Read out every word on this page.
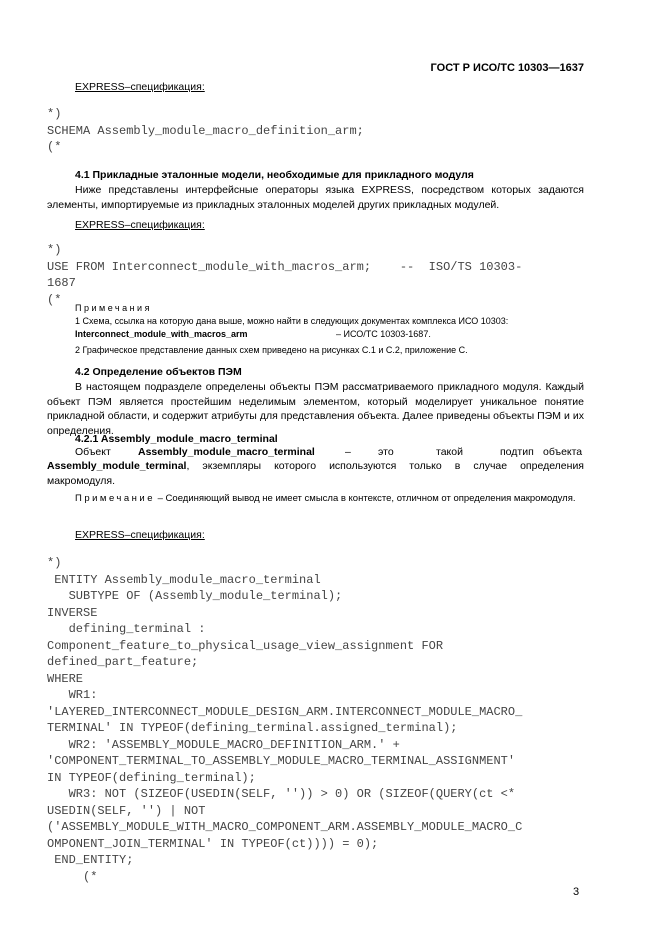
ГОСТ Р ИСО/ТС 10303—1637
EXPRESS–спецификация:
*)
SCHEMA Assembly_module_macro_definition_arm;
(*
4.1 Прикладные эталонные модели, необходимые для прикладного модуля
Ниже представлены интерфейсные операторы языка EXPRESS, посредством которых задаются элементы, импортируемые из прикладных эталонных моделей других прикладных модулей.
EXPRESS–спецификация:
*)
USE FROM Interconnect_module_with_macros_arm;    --  ISO/TS 10303-
1687
(*
Примечания
1 Схема, ссылка на которую дана выше, можно найти в следующих документах комплекса ИСО 10303:
Interconnect_module_with_macros_arm	– ИСО/ТС 10303-1687.
2 Графическое представление данных схем приведено на рисунках С.1 и С.2, приложение С.
4.2 Определение объектов ПЭМ
В настоящем подразделе определены объекты ПЭМ рассматриваемого прикладного модуля. Каждый объект ПЭМ является простейшим неделимым элементом, который моделирует уникальное понятие прикладной области, и содержит атрибуты для представления объекта. Далее приведены объекты ПЭМ и их определения.
4.2.1 Assembly_module_macro_terminal
Объект	Assembly_module_macro_terminal	–	это	такой	подтип объекта
Assembly_module_terminal, экземпляры которого используются только в случае определения макромодуля.
Примечание – Соединяющий вывод не имеет смысла в контексте, отличном от определения макромодуля.
EXPRESS–спецификация:
*)
ENTITY Assembly_module_macro_terminal
SUBTYPE OF (Assembly_module_terminal);
INVERSE
defining_terminal :
Component_feature_to_physical_usage_view_assignment FOR
defined_part_feature;
WHERE
WR1:
'LAYERED_INTERCONNECT_MODULE_DESIGN_ARM.INTERCONNECT_MODULE_MACRO_
TERMINAL' IN TYPEOF(defining_terminal.assigned_terminal);
WR2: 'ASSEMBLY_MODULE_MACRO_DEFINITION_ARM.' +
'COMPONENT_TERMINAL_TO_ASSEMBLY_MODULE_MACRO_TERMINAL_ASSIGNMENT'
IN TYPEOF(defining_terminal);
WR3: NOT (SIZEOF(USEDIN(SELF, '')) > 0) OR (SIZEOF(QUERY(ct <*
USEDIN(SELF, '') | NOT
('ASSEMBLY_MODULE_WITH_MACRO_COMPONENT_ARM.ASSEMBLY_MODULE_MACRO_C
OMPONENT_JOIN_TERMINAL' IN TYPEOF(ct)))) = 0);
END_ENTITY;
(*
3
